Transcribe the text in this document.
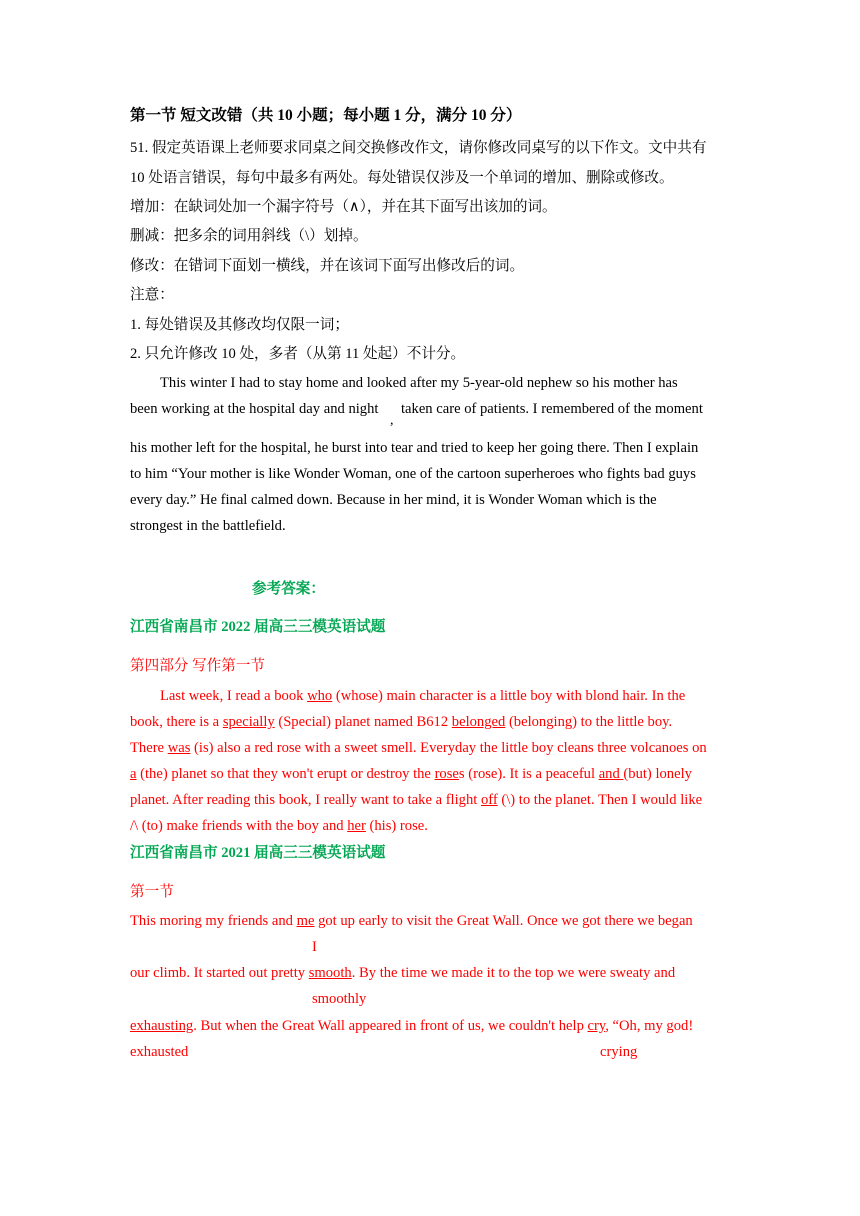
第一节 短文改错（共 10 小题；每小题 1 分，满分 10 分）
51. 假定英语课上老师要求同桌之间交换修改作文，请你修改同桌写的以下作文。文中共有
10 处语言错误，每句中最多有两处。每处错误仅涉及一个单词的增加、删除或修改。
增加：在缺词处加一个漏字符号（∧），并在其下面写出该加的词。
删减：把多余的词用斜线（\）划掉。
修改：在错词下面划一横线，并在该词下面写出修改后的词。
注意：
1. 每处错误及其修改均仅限一词；
2. 只允许修改 10 处，多者（从第 11 处起）不计分。
This winter I had to stay home and looked after my 5-year-old nephew so his mother has
been working at the hospital day and night
,
taken care of patients. I remembered of the moment
his mother left for the hospital, he burst into tear and tried to keep her going there. Then I explain
to him “Your mother is like Wonder Woman, one of the cartoon superheroes who fights bad guys
every day.” He final calmed down. Because in her mind, it is Wonder Woman which is the
strongest in the battlefield.
参考答案：
江西省南昌市 2022 届高三三模英语试题
第四部分 写作第一节
Last week, I read a book who (whose) main character is a little boy with blond hair. In the
book, there is a specially (Special) planet named B612 belonged (belonging) to the little boy.
There was (is) also a red rose with a sweet smell. Everyday the little boy cleans three volcanoes on
a (the) planet so that they won't erupt or destroy the roses (rose). It is a peaceful and (but) lonely
planet. After reading this book, I really want to take a flight off (\) to the planet. Then I would like
/\ (to) make friends with the boy and her (his) rose.
江西省南昌市 2021 届高三三模英语试题
第一节
This moring my friends and me got up early to visit the Great Wall. Once we got there we began
I
our climb. It started out pretty smooth. By the time we made it to the top we were sweaty and
smoothly
exhausting. But when the Great Wall appeared in front of us, we couldn't help cry, “Oh, my god!
exhausted	crying
